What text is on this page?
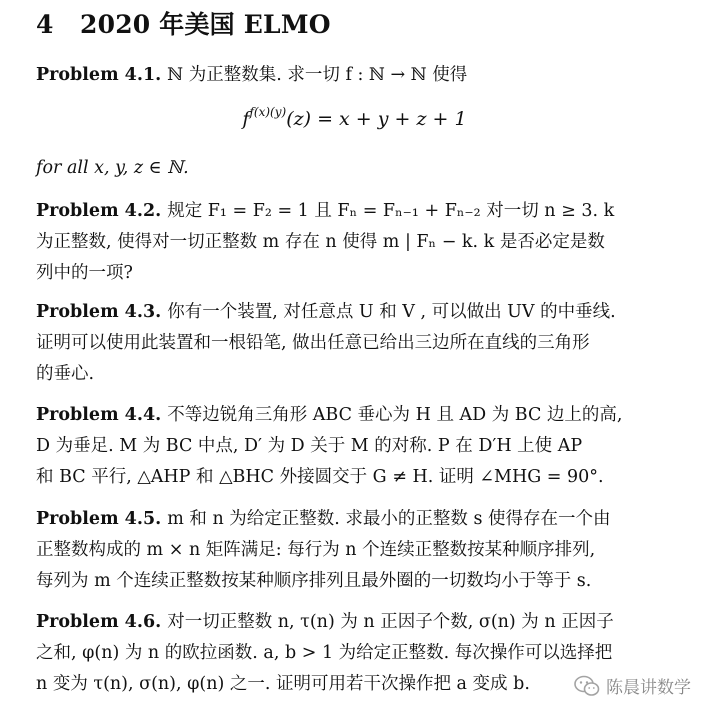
4 2020 年美国 ELMO

Problem 4.1. ℕ 为正整数集. 求一切 f : ℕ → ℕ 使得

$f^{f(x)(y)}(z) = x + y + z + 1$
for all x, y, z ∈ ℕ.

Problem 4.2. 规定 F₁ = F₂ = 1 且 Fₙ = Fₙ₋₁ + Fₙ₋₂ 对一切 n ≥ 3. k
为正整数, 使得对一切正整数 m 存在 n 使得 m | Fₙ − k. k 是否必定是数
列中的一项?

Problem 4.3. 你有一个装置, 对任意点 U 和 V , 可以做出 UV 的中垂线.
证明可以使用此装置和一根铅笔, 做出任意已给出三边所在直线的三角形
的垂心.

Problem 4.4. 不等边锐角三角形 ABC 垂心为 H 且 AD 为 BC 边上的高,
D 为垂足. M 为 BC 中点, D′ 为 D 关于 M 的对称. P 在 D′H 上使 AP
和 BC 平行, △AHP 和 △BHC 外接圆交于 G ≠ H. 证明 ∠MHG = 90°.

Problem 4.5. m 和 n 为给定正整数. 求最小的正整数 s 使得存在一个由
正整数构成的 m × n 矩阵满足: 每行为 n 个连续正整数按某种顺序排列,
每列为 m 个连续正整数按某种顺序排列且最外圈的一切数均小于等于 s.

Problem 4.6. 对一切正整数 n, τ(n) 为 n 正因子个数, σ(n) 为 n 正因子
之和, φ(n) 为 n 的欧拉函数. a, b > 1 为给定正整数. 每次操作可以选择把
n 变为 τ(n), σ(n), φ(n) 之一. 证明可用若干次操作把 a 变成 b.	陈晨讲数学
